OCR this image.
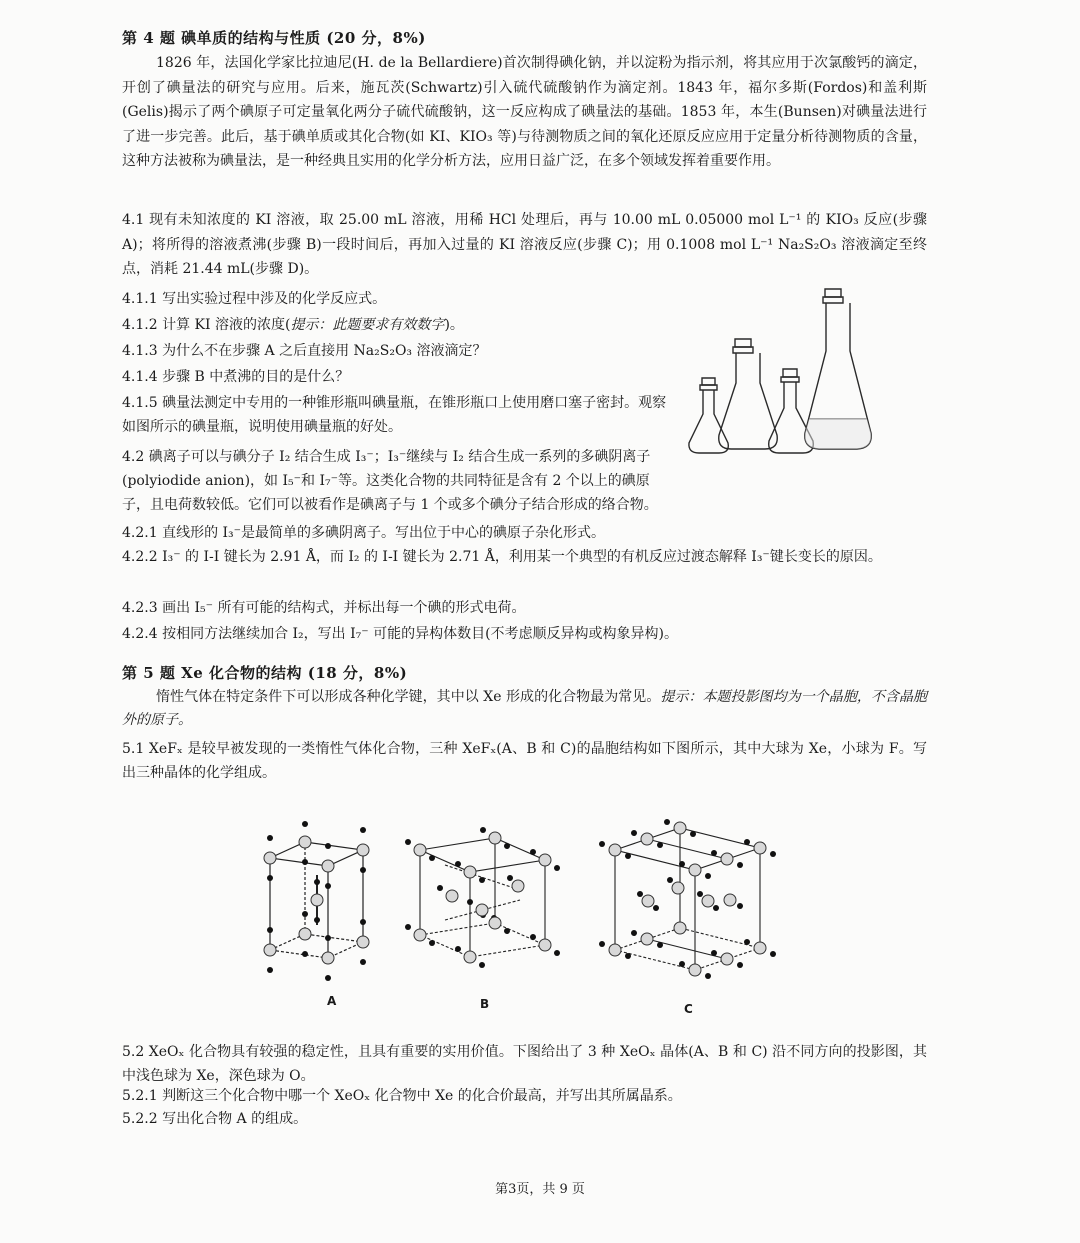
第 4 题 碘单质的结构与性质 (20 分，8%)
1826 年，法国化学家比拉迪尼(H. de la Bellardiere)首次制得碘化钠，并以淀粉为指示剂，将其应用于次氯酸钙的滴定，开创了碘量法的研究与应用。后来，施瓦茨(Schwartz)引入硫代硫酸钠作为滴定剂。1843 年，福尔多斯(Fordos)和盖利斯(Gelis)揭示了两个碘原子可定量氧化两分子硫代硫酸钠，这一反应构成了碘量法的基础。1853 年，本生(Bunsen)对碘量法进行了进一步完善。此后，基于碘单质或其化合物(如 KI、KIO₃ 等)与待测物质之间的氧化还原反应应用于定量分析待测物质的含量，这种方法被称为碘量法，是一种经典且实用的化学分析方法，应用日益广泛，在多个领域发挥着重要作用。
4.1 现有未知浓度的 KI 溶液，取 25.00 mL 溶液，用稀 HCl 处理后，再与 10.00 mL 0.05000 mol L⁻¹ 的 KIO₃ 反应(步骤 A)；将所得的溶液煮沸(步骤 B)一段时间后，再加入过量的 KI 溶液反应(步骤 C)；用 0.1008 mol L⁻¹ Na₂S₂O₃ 溶液滴定至终点，消耗 21.44 mL(步骤 D)。
4.1.1 写出实验过程中涉及的化学反应式。
4.1.2 计算 KI 溶液的浓度(提示：此题要求有效数字)。
4.1.3 为什么不在步骤 A 之后直接用 Na₂S₂O₃ 溶液滴定？
4.1.4 步骤 B 中煮沸的目的是什么？
4.1.5 碘量法测定中专用的一种锥形瓶叫碘量瓶，在锥形瓶口上使用磨口塞子密封。观察如图所示的碘量瓶，说明使用碘量瓶的好处。
4.2 碘离子可以与碘分子 I₂ 结合生成 I₃⁻；I₃⁻继续与 I₂ 结合生成一系列的多碘阴离子(polyiodide anion)，如 I₅⁻和 I₇⁻等。这类化合物的共同特征是含有 2 个以上的碘原子，且电荷数较低。它们可以被看作是碘离子与 1 个或多个碘分子结合形成的络合物。
4.2.1 直线形的 I₃⁻是最简单的多碘阴离子。写出位于中心的碘原子杂化形式。
4.2.2 I₃⁻ 的 I-I 键长为 2.91 Å，而 I₂ 的 I-I 键长为 2.71 Å，利用某一个典型的有机反应过渡态解释 I₃⁻键长变长的原因。
4.2.3 画出 I₅⁻ 所有可能的结构式，并标出每一个碘的形式电荷。
4.2.4 按相同方法继续加合 I₂，写出 I₇⁻ 可能的异构体数目(不考虑顺反异构或构象异构)。
第 5 题 Xe 化合物的结构 (18 分，8%)
惰性气体在特定条件下可以形成各种化学键，其中以 Xe 形成的化合物最为常见。提示：本题投影图均为一个晶胞，不含晶胞外的原子。
5.1 XeFₓ 是较早被发现的一类惰性气体化合物，三种 XeFₓ(A、B 和 C)的晶胞结构如下图所示，其中大球为 Xe，小球为 F。写出三种晶体的化学组成。
A	B	C
5.2 XeOₓ 化合物具有较强的稳定性，且具有重要的实用价值。下图给出了 3 种 XeOₓ 晶体(A、B 和 C) 沿不同方向的投影图，其中浅色球为 Xe，深色球为 O。
5.2.1 判断这三个化合物中哪一个 XeOₓ 化合物中 Xe 的化合价最高，并写出其所属晶系。
5.2.2 写出化合物 A 的组成。
第3页，共 9 页
